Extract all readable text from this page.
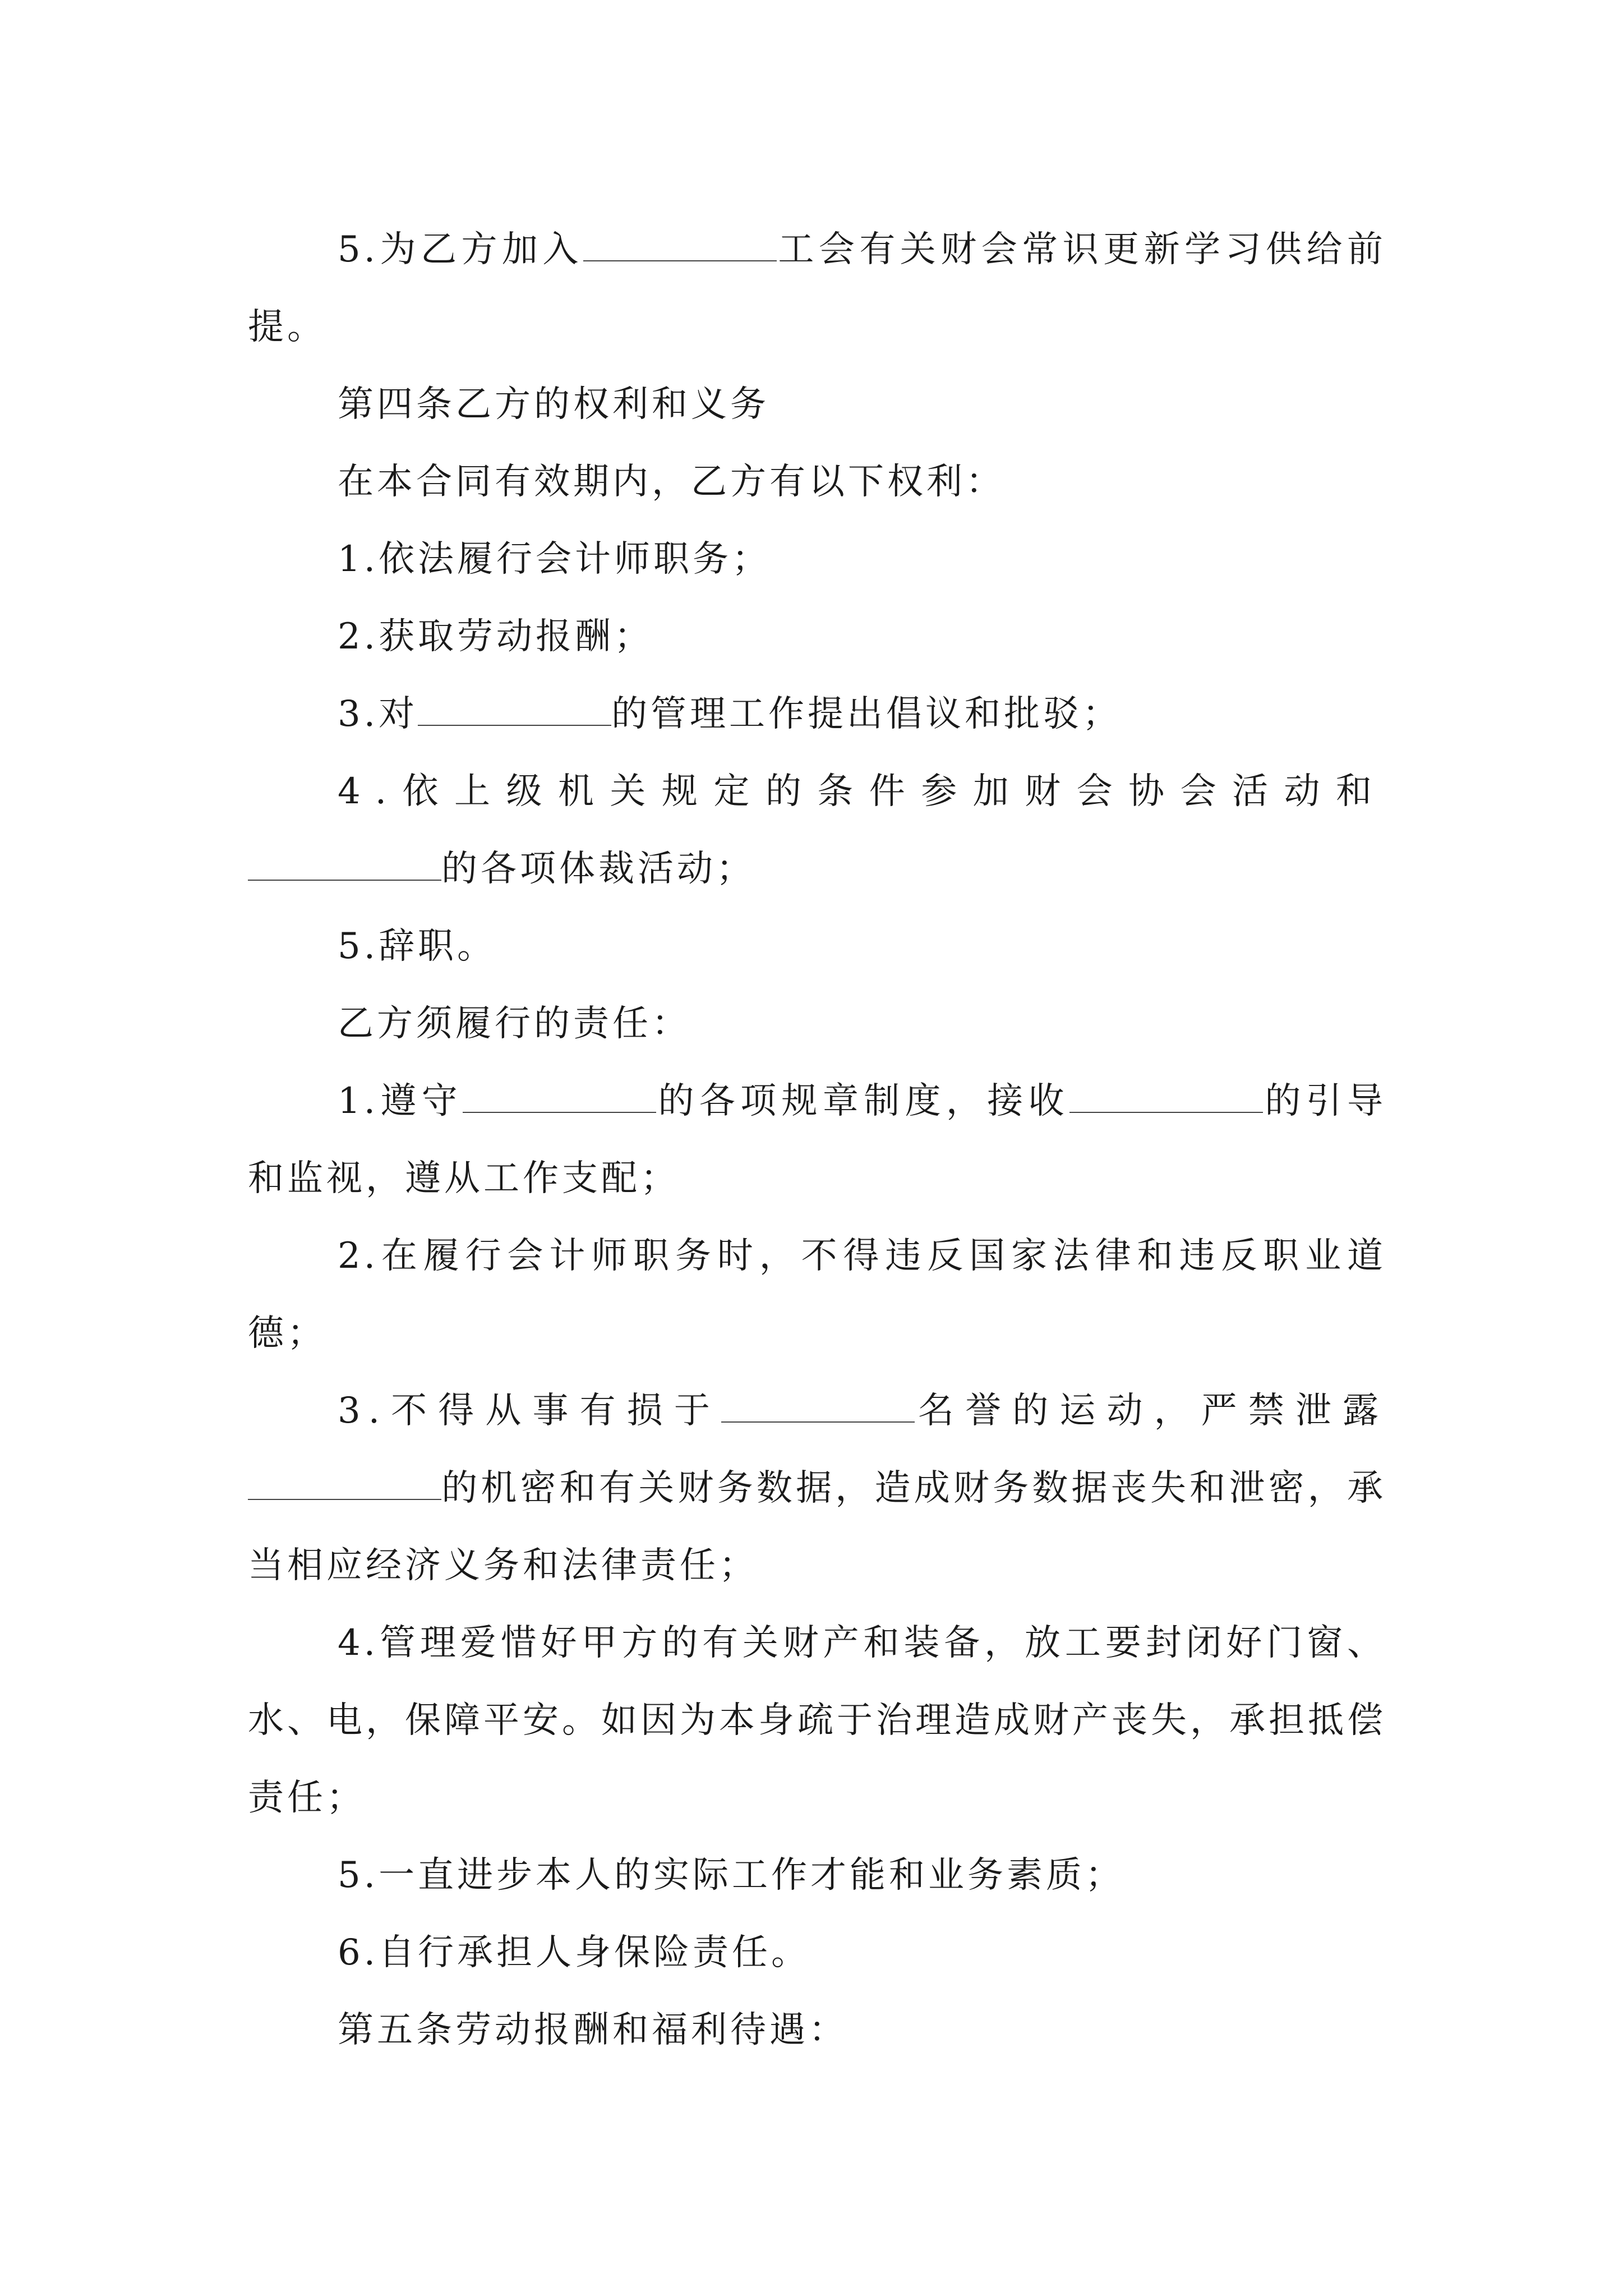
5.为乙方加入	工会有关财会常识更新学习供给前提。

第四条乙方的权利和义务

在本合同有效期内，乙方有以下权利：

1.依法履行会计师职务；

2.获取劳动报酬；

3.对	的管理工作提出倡议和批驳；

4.依上级机关规定的条件参加财会协会活动和的各项体裁活动；

5.辞职。

乙方须履行的责任：

1.遵守	的各项规章制度，接收	的引导和监视，遵从工作支配；

2.在履行会计师职务时，不得违反国家法律和违反职业道德；

3.不得从事有损于	名誉的运动，严禁泄露的机密和有关财务数据，造成财务数据丧失和泄密，承当相应经济义务和法律责任；

4.管理爱惜好甲方的有关财产和装备，放工要封闭好门窗、水、电，保障平安。如因为本身疏于治理造成财产丧失，承担抵偿责任；

5.一直进步本人的实际工作才能和业务素质；

6.自行承担人身保险责任。

第五条劳动报酬和福利待遇：
